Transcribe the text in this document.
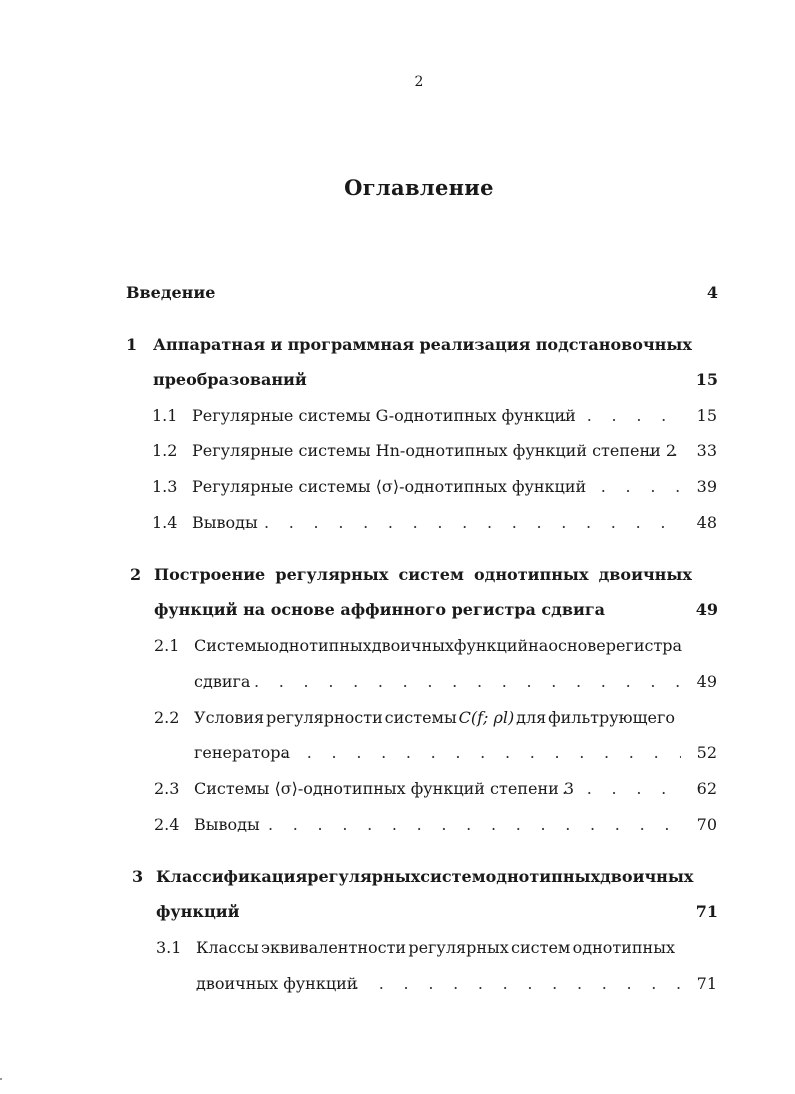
2
Оглавление
Введение	4
1 Аппаратная и программная реализация подстановочных
преобразований	15
1.1 Регулярные системы G-однотипных функций . . .	15
1.2 Регулярные системы Hn-однотипных функций степени 2 . . .	33
1.3 Регулярные системы ⟨σ⟩-однотипных функций . . .	39
1.4 Выводы . . .	48
2 Построение регулярных систем однотипных двоичных
функций на основе аффинного регистра сдвига	49
2.1 Системы однотипных двоичных функций на основе регистра
сдвига . . .	49
2.2 Условия регулярности системы C(f; ρl) для фильтрующего
генератора . . .	52
2.3 Системы ⟨σ⟩-однотипных функций степени 3 . . .	62
2.4 Выводы . . .	70
3 Классификация регулярных систем однотипных двоичных
функций	71
3.1 Классы эквивалентности регулярных систем однотипных
двоичных функций . . .	71
